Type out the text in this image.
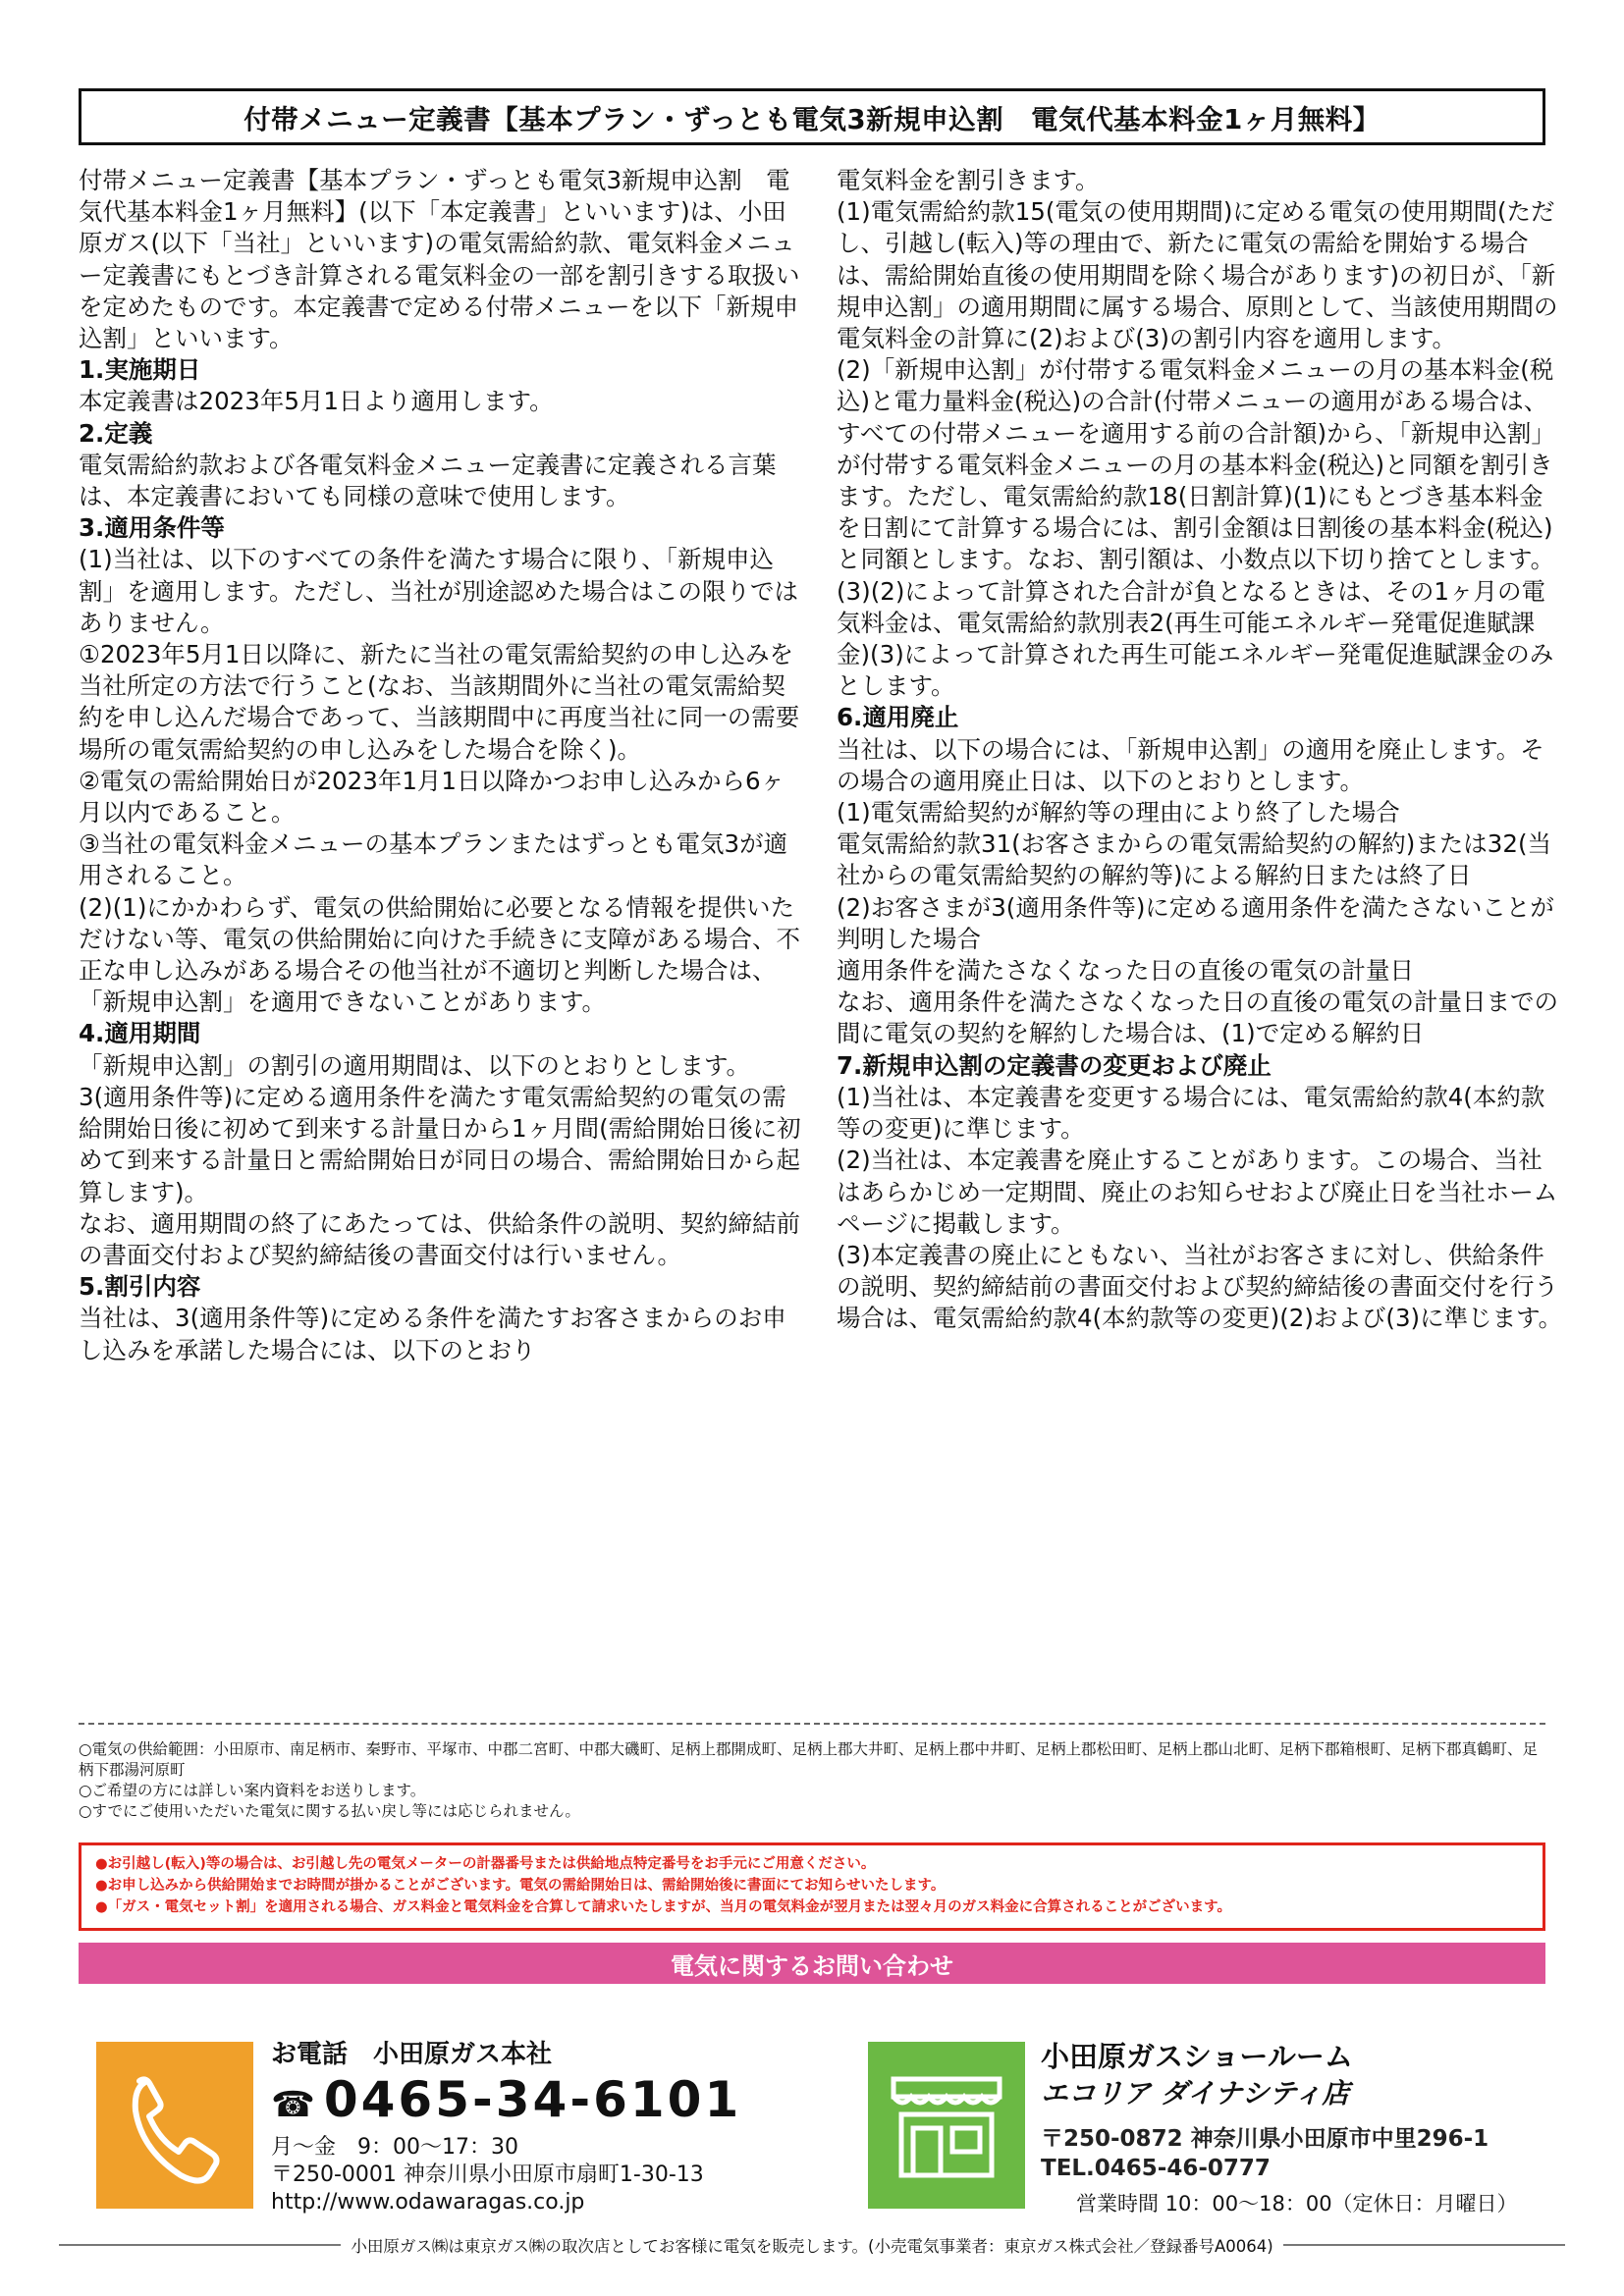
付帯メニュー定義書【基本プラン・ずっとも電気3新規申込割　電気代基本料金1ヶ月無料】

付帯メニュー定義書【基本プラン・ずっとも電気3新規申込割　電気代基本料金1ヶ月無料】(以下「本定義書」といいます)は、小田原ガス(以下「当社」といいます)の電気需給約款、電気料金メニュー定義書にもとづき計算される電気料金の一部を割引きする取扱いを定めたものです。本定義書で定める付帯メニューを以下「新規申込割」といいます。

1.実施期日

本定義書は2023年5月1日より適用します。

2.定義

電気需給約款および各電気料金メニュー定義書に定義される言葉は、本定義書においても同様の意味で使用します。

3.適用条件等

(1)当社は、以下のすべての条件を満たす場合に限り、「新規申込割」を適用します。ただし、当社が別途認めた場合はこの限りではありません。

①2023年5月1日以降に、新たに当社の電気需給契約の申し込みを当社所定の方法で行うこと(なお、当該期間外に当社の電気需給契約を申し込んだ場合であって、当該期間中に再度当社に同一の需要場所の電気需給契約の申し込みをした場合を除く)。

②電気の需給開始日が2023年1月1日以降かつお申し込みから6ヶ月以内であること。

③当社の電気料金メニューの基本プランまたはずっとも電気3が適用されること。

(2)(1)にかかわらず、電気の供給開始に必要となる情報を提供いただけない等、電気の供給開始に向けた手続きに支障がある場合、不正な申し込みがある場合その他当社が不適切と判断した場合は、「新規申込割」を適用できないことがあります。

4.適用期間

「新規申込割」の割引の適用期間は、以下のとおりとします。

3(適用条件等)に定める適用条件を満たす電気需給契約の電気の需給開始日後に初めて到来する計量日から1ヶ月間(需給開始日後に初めて到来する計量日と需給開始日が同日の場合、需給開始日から起算します)。

なお、適用期間の終了にあたっては、供給条件の説明、契約締結前の書面交付および契約締結後の書面交付は行いません。

5.割引内容

当社は、3(適用条件等)に定める条件を満たすお客さまからのお申し込みを承諾した場合には、以下のとおり

電気料金を割引きます。

(1)電気需給約款15(電気の使用期間)に定める電気の使用期間(ただし、引越し(転入)等の理由で、新たに電気の需給を開始する場合は、需給開始直後の使用期間を除く場合があります)の初日が、「新規申込割」の適用期間に属する場合、原則として、当該使用期間の電気料金の計算に(2)および(3)の割引内容を適用します。

(2)「新規申込割」が付帯する電気料金メニューの月の基本料金(税込)と電力量料金(税込)の合計(付帯メニューの適用がある場合は、すべての付帯メニューを適用する前の合計額)から、「新規申込割」が付帯する電気料金メニューの月の基本料金(税込)と同額を割引きます。ただし、電気需給約款18(日割計算)(1)にもとづき基本料金を日割にて計算する場合には、割引金額は日割後の基本料金(税込)と同額とします。なお、割引額は、小数点以下切り捨てとします。

(3)(2)によって計算された合計が負となるときは、その1ヶ月の電気料金は、電気需給約款別表2(再生可能エネルギー発電促進賦課金)(3)によって計算された再生可能エネルギー発電促進賦課金のみとします。

6.適用廃止

当社は、以下の場合には、「新規申込割」の適用を廃止します。その場合の適用廃止日は、以下のとおりとします。

(1)電気需給契約が解約等の理由により終了した場合

電気需給約款31(お客さまからの電気需給契約の解約)または32(当社からの電気需給契約の解約等)による解約日または終了日

(2)お客さまが3(適用条件等)に定める適用条件を満たさないことが判明した場合

適用条件を満たさなくなった日の直後の電気の計量日

なお、適用条件を満たさなくなった日の直後の電気の計量日までの間に電気の契約を解約した場合は、(1)で定める解約日

7.新規申込割の定義書の変更および廃止

(1)当社は、本定義書を変更する場合には、電気需給約款4(本約款等の変更)に準じます。

(2)当社は、本定義書を廃止することがあります。この場合、当社はあらかじめ一定期間、廃止のお知らせおよび廃止日を当社ホームページに掲載します。

(3)本定義書の廃止にともない、当社がお客さまに対し、供給条件の説明、契約締結前の書面交付および契約締結後の書面交付を行う場合は、電気需給約款4(本約款等の変更)(2)および(3)に準じます。

○電気の供給範囲：小田原市、南足柄市、秦野市、平塚市、中郡二宮町、中郡大磯町、足柄上郡開成町、足柄上郡大井町、足柄上郡中井町、足柄上郡松田町、足柄上郡山北町、足柄下郡箱根町、足柄下郡真鶴町、足柄下郡湯河原町

○ご希望の方には詳しい案内資料をお送りします。

○すでにご使用いただいた電気に関する払い戻し等には応じられません。

●お引越し(転入)等の場合は、お引越し先の電気メーターの計器番号または供給地点特定番号をお手元にご用意ください。

●お申し込みから供給開始までお時間が掛かることがございます。電気の需給開始日は、需給開始後に書面にてお知らせいたします。

●「ガス・電気セット割」を適用される場合、ガス料金と電気料金を合算して請求いたしますが、当月の電気料金が翌月または翌々月のガス料金に合算されることがございます。

電気に関するお問い合わせ
お電話　小田原ガス本社
☎ 0465-34-6101
月～金　9：00～17：30
〒250-0001 神奈川県小田原市扇町1-30-13
http://www.odawaragas.co.jp
小田原ガスショールーム
エコリア ダイナシティ店
〒250-0872 神奈川県小田原市中里296-1
TEL.0465-46-0777
営業時間 10：00～18：00（定休日：月曜日）
小田原ガス㈱は東京ガス㈱の取次店としてお客様に電気を販売します。(小売電気事業者：東京ガス株式会社／登録番号A0064)
